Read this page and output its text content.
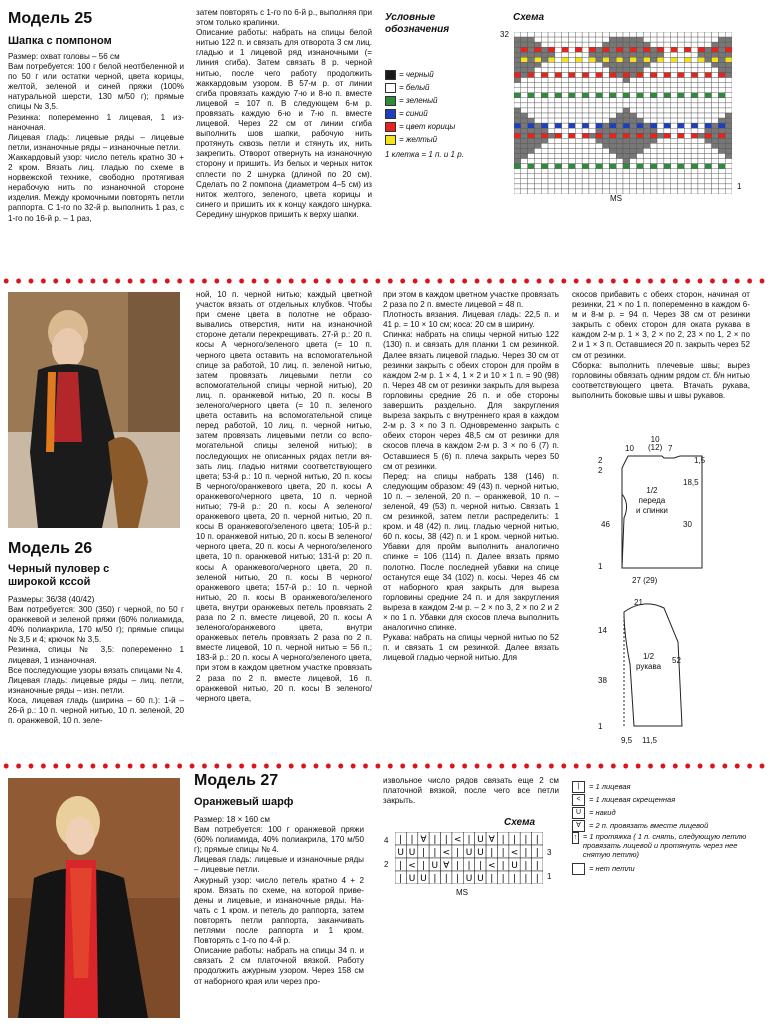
Модель 25
Шапка с помпоном
Размер: охват головы – 56 см
Вам потребуется: 100 г белой неотбеленной и по 50 г или остатки черной, цвета корицы, желтой, зеленой и синей пряжи (100% натуральной шерсти, 130 м/50 г); прямые спицы № 3,5.
Резинка: попеременно 1 лицевая, 1 изнаночная.
Лицевая гладь: лицевые ряды – лицевые петли, изнаночные ряды – изнаночные петли.
Жаккардовый узор: число петель кратно 30 + 2 кром. Вязать лиц. гладью по схеме в норвежской технике, свободно протягивая нерабочую нить по изнаночной стороне изделия. Между кромочными повторять петли раппорта. С 1-го по 32-й р. выполнить 1 раз, с 1-го по 16-й р. – 1 раз,
затем повторять с 1-го по 6-й р., выполняя при этом только крапинки.
Описание работы: набрать на спицы белой нитью 122 п. и связать для отворота 3 см лиц. гладью и 1 лицевой ряд изнаночными (= линия сгиба). Затем связать 8 р. черной нитью, после чего работу продолжить жаккардовым узором. В 57-м р. от линии сгиба провязать каждую 7-ю и 8-ю п. вместе лицевой = 107 п. В следующем 6-м р. провязать каждую 6-ю и 7-ю п. вместе лицевой. Через 22 см от линии сгиба выполнить шов шапки, рабочую нить протянуть сквозь петли и стянуть их, нить закрепить. Отворот отвернуть на изнаночную сторону и пришить. Из белых и черных ниток сплести по 2 шнурка (длиной по 20 см). Сделать по 2 помпона (диаметром 4–5 см) из ниток желтого, зеленого, цвета корицы и синего и пришить их к концу каждого шнурка. Середину шнурков пришить к верху шапки.
Условные обозначения
= черный
= белый
= зеленый
= синий
= цвет корицы
= желтый
1 клетка = 1 п. и 1 р.
Схема
32
1
MS
Модель 26
Черный пуловер с широкой ксcой
Размеры: 36/38 (40/42)
Вам потребуется: 300 (350) г черной, по 50 г оранжевой и зеленой пряжи (60% полиамида, 40% полиакрила, 170 м/50 г); прямые спицы № 3,5 и 4; крючок № 3,5.
Резинка, спицы № 3,5: попеременно 1 лицевая, 1 изнаночная.
Все последующие узоры вязать спицами № 4.
Лицевая гладь: лицевые ряды – лиц. петли, изнаночные ряды – изн. петли.
Коса, лицевая гладь (ширина – 60 п.): 1-й – 26-й р.: 10 п. черной нитью, 10 п. зеленой, 20 п. оранжевой, 10 п. зеле-
ной, 10 п. черной нитью; каждый цветной участок вязать от отдельных клубков. Чтобы при смене цвета в полотне не образовывались отверстия, нити на изнаночной стороне детали перекрещивать. 27-й р.: 20 п. косы А черного/зеленого цвета (= 10 п. черного цвета оставить на вспомогательной спице за работой, 10 лиц. п. зеленой нитью, затем провязать лицевыми петли со вспомогательной спицы черной нитью), 20 лиц. п. оранжевой нитью, 20 п. косы В зеленого/черного цвета (= 10 п. зеленого цвета оставить на вспомогательной спице перед работой, 10 лиц. п. черной нитью, затем провязать лицевыми петли со вспомогательной спицы зеленой нитью); в последующих не описанных рядах петли вязать лиц. гладью нитями соответствующего цвета; 53-й р.: 10 п. черной нитью, 20 п. косы В черного/оранжевого цвета, 20 п. косы А оранжевого/черного цвета, 10 п. черной нитью; 79-й р.: 20 п. косы А зеленого/оранжевого цвета, 20 п. черной нитью, 20 п. косы В оранжевого/зеленого цвета; 105-й р.: 10 п. оранжевой нитью, 20 п. косы В зеленого/черного цвета, 20 п. косы А черного/зеленого цвета, 10 п. оранжевой нитью; 131-й р: 20 п. косы А оранжевого/черного цвета, 20 п. зеленой нитью, 20 п. косы В черного/оранжевого цвета; 157-й р.: 10 п. черной нитью, 20 п. косы В оранжевого/зеленого цвета, внутри оранжевых петель провязать 2 раза по 2 п. вместе лицевой, 20 п. косы А зеленого/оранжевого цвета, внутри оранжевых петель провязать 2 раза по 2 п. вместе лицевой, 10 п. черной нитью = 56 п.; 183-й р.: 20 п. косы А черного/зеленого цвета, при этом в каждом цветном участке провязать 2 раза по 2 п. вместе лицевой, 16 п. оранжевой нитью, 20 п. косы В зеленого/черного цвета,
при этом в каждом цветном участке провязать 2 раза по 2 п. вместе лицевой = 48 п.
Плотность вязания. Лицевая гладь: 22,5 п. и 41 р. = 10 × 10 см; коса: 20 см в ширину.
Спинка: набрать на спицы черной нитью 122 (130) п. и связать для планки 1 см резинкой. Далее вязать лицевой гладью. Через 30 см от резинки закрыть с обеих сторон для пройм в каждом 2-м р. 1 × 4, 1 × 2 и 10 × 1 п. = 90 (98) п. Через 48 см от резинки закрыть для выреза горловины средние 26 п. и обе стороны завершить раздельно. Для закругления выреза закрыть с внутреннего края в каждом 2-м р. 3 × по 3 п. Одновременно закрыть с обеих сторон через 48,5 см от резинки для скосов плеча в каждом 2-м р. 3 × по 6 (7) п. Оставшиеся 5 (6) п. плеча закрыть через 50 см от резинки.
Перед: на спицы набрать 138 (146) п. следующим образом: 49 (43) п. черной нитью, 10 п. – зеленой, 20 п. – оранжевой, 10 п. – зеленой, 49 (53) п. черной нитью. Связать 1 см резинкой, затем петли распределить: 1 кром. и 48 (42) п. лиц. гладью черной нитью, 60 п. косы, 38 (42) п. и 1 кром. черной нитью. Убавки для пройм выполнить аналогично спинке = 106 (114) п. Далее вязать прямо полотно. После последней убавки на спице останутся еще 34 (102) п. косы. Через 46 см от наборного края закрыть для выреза горловины средние 24 п. и для закругления выреза в каждом 2-м р. – 2 × по 3, 2 × по 2 и 2 × по 1 п. Убавки для скосов плеча выполнить аналогично спинке.
Рукава: набрать на спицы черной нитью по 52 п. и связать 1 см резинкой. Далее вязать лицевой гладью черной нитью. Для
скосов прибавить с обеих сторон, начиная от резинки, 21 × по 1 п. попеременно в каждом 6-м и 8-м р. = 94 п. Через 38 см от резинки закрыть с обеих сторон для оката рукава в каждом 2-м р. 1 × 3, 2 × по 2, 23 × по 1, 2 × по 2 и 1 × 3 п. Оставшиеся 20 п. закрыть через 52 см от резинки.
Сборка: выполнить плечевые швы; вырез горловины обвязать одним рядом ст. б/н нитью соответствующего цвета. Втачать рукава, выполнить боковые швы и швы рукавов.
1/2
переда
и спинки
1/2
рукава
10
10
(12) 7
1,5
18,5
2
2
46	30
1
27 (29)
21
14
52
38
1
9,5 11,5
Модель 27
Оранжевый шарф
Размер: 18 × 160 см
Вам потребуется: 100 г оранжевой пряжи (60% полиамида, 40% полиакрила, 170 м/50 г); прямые спицы № 4.
Лицевая гладь: лицевые и изнаночные ряды – лицевые петли.
Ажурный узор: число петель кратно 4 + 2 кром. Вязать по схеме, на которой приведены и лицевые, и изнаночные ряды. Начать с 1 кром. и петель до раппорта, затем повторять петли раппорта, заканчивать петлями после раппорта и 1 кром. Повторять с 1-го по 4-й р.
Описание работы: набрать на спицы 34 п. и связать 2 см платочной вязкой. Работу продолжить ажурным узором. Через 158 см от наборного края или через про-
извольное число рядов связать еще 2 см платочной вязкой, после чего все петли закрыть.
Схема
4
3
2
1
MS
| | ∀ | | < | U ∀ | | | |
U U | | < | U U | | < | |
| < | U ∀ | | | < | U | |
| U U | | | U U | | | | |
|	= 1 лицевая
<	= 1 лицевая скрещенная
U	= накид
∀	= 2 п. провязать вместе лицевой
↑ = 1 протяжка ( 1 п. снять, следующую петлю провязать лицевой и протянуть через нее снятую петлю)
= нет петли
